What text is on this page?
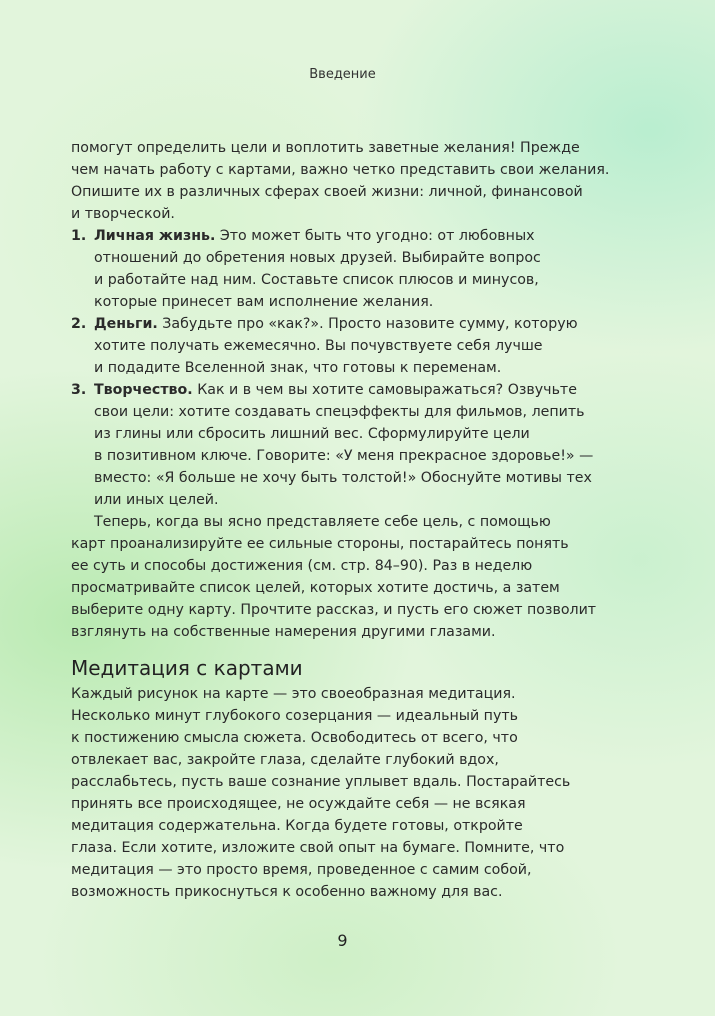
Введение

помогут определить цели и воплотить заветные желания! Прежде
чем начать работу с картами, важно четко представить свои желания.
Опишите их в различных сферах своей жизни: личной, финансовой
и творческой.

1. Личная жизнь. Это может быть что угодно: от любовных
отношений до обретения новых друзей. Выбирайте вопрос
и работайте над ним. Составьте список плюсов и минусов,
которые принесет вам исполнение желания.
2. Деньги. Забудьте про «как?». Просто назовите сумму, которую
хотите получать ежемесячно. Вы почувствуете себя лучше
и подадите Вселенной знак, что готовы к переменам.
3. Творчество. Как и в чем вы хотите самовыражаться? Озвучьте
свои цели: хотите создавать спецэффекты для фильмов, лепить
из глины или сбросить лишний вес. Сформулируйте цели
в позитивном ключе. Говорите: «У меня прекрасное здоровье!» —
вместо: «Я больше не хочу быть толстой!» Обоснуйте мотивы тех
или иных целей.

Теперь, когда вы ясно представляете себе цель, с помощью
карт проанализируйте ее сильные стороны, постарайтесь понять
ее суть и способы достижения (см. стр. 84–90). Раз в неделю
просматривайте список целей, которых хотите достичь, а затем
выберите одну карту. Прочтите рассказ, и пусть его сюжет позволит
взглянуть на собственные намерения другими глазами.

Медитация с картами

Каждый рисунок на карте — это своеобразная медитация.
Несколько минут глубокого созерцания — идеальный путь
к постижению смысла сюжета. Освободитесь от всего, что
отвлекает вас, закройте глаза, сделайте глубокий вдох,
расслабьтесь, пусть ваше сознание уплывет вдаль. Постарайтесь
принять все происходящее, не осуждайте себя — не всякая
медитация содержательна. Когда будете готовы, откройте
глаза. Если хотите, изложите свой опыт на бумаге. Помните, что
медитация — это просто время, проведенное с самим собой,
возможность прикоснуться к особенно важному для вас.

9
